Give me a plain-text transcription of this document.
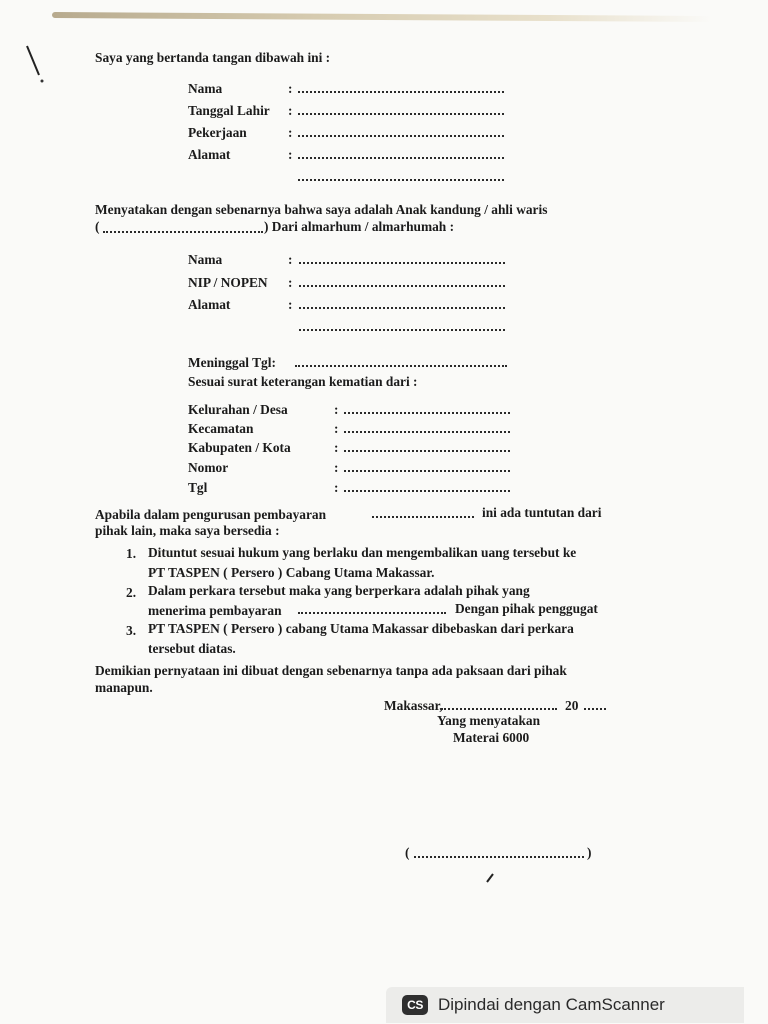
Saya yang bertanda tangan dibawah ini :
Nama	:
Tanggal Lahir :
Pekerjaan	:
Alamat	:
Menyatakan dengan sebenarnya bahwa saya adalah Anak kandung / ahli waris
(	) Dari almarhum / almarhumah :
Nama	:
NIP / NOPEN :
Alamat	:
Meninggal Tgl:
Sesuai surat keterangan kematian dari :
Kelurahan / Desa	:
Kecamatan	:
Kabupaten / Kota	:
Nomor	:
Tgl	:
Apabila dalam pengurusan pembayaran	ini ada tuntutan dari
pihak lain, maka saya bersedia :
1. Dituntut sesuai hukum yang berlaku dan mengembalikan uang tersebut ke
PT TASPEN ( Persero ) Cabang Utama Makassar.
2. Dalam perkara tersebut maka yang berperkara adalah pihak yang
menerima pembayaran	Dengan pihak penggugat
3. PT TASPEN ( Persero ) cabang Utama Makassar dibebaskan dari perkara
tersebut diatas.
Demikian pernyataan ini dibuat dengan sebenarnya tanpa ada paksaan dari pihak
manapun.
Makassar,	20
Yang menyatakan
Materai 6000
(	)
CS Dipindai dengan CamScanner
